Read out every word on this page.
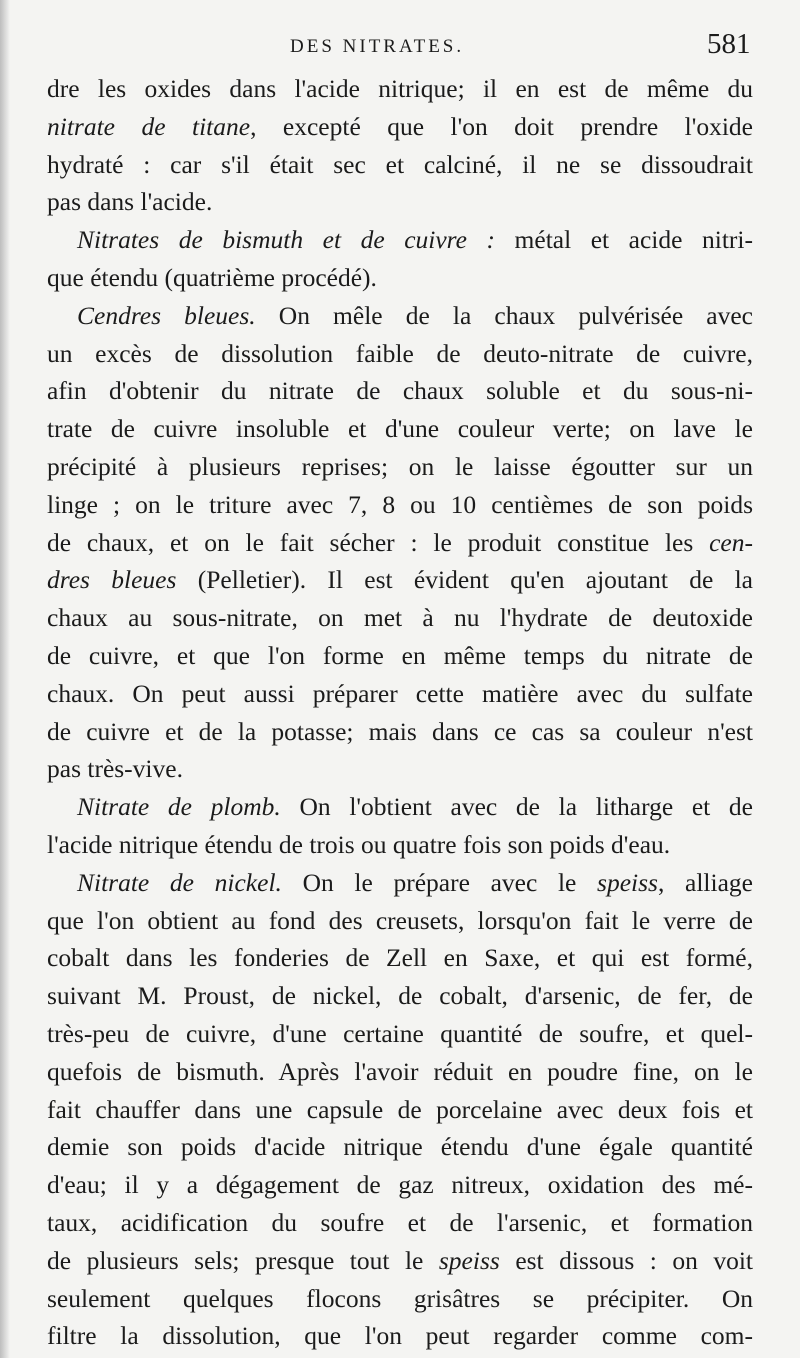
DES NITRATES.	581
dre les oxides dans l'acide nitrique; il en est de même du
nitrate de titane, excepté que l'on doit prendre l'oxide
hydraté : car s'il était sec et calciné, il ne se dissoudrait
pas dans l'acide.
Nitrates de bismuth et de cuivre : métal et acide nitri-
que étendu (quatrième procédé).
Cendres bleues. On mêle de la chaux pulvérisée avec
un excès de dissolution faible de deuto-nitrate de cuivre,
afin d'obtenir du nitrate de chaux soluble et du sous-ni-
trate de cuivre insoluble et d'une couleur verte; on lave le
précipité à plusieurs reprises; on le laisse égoutter sur un
linge ; on le triture avec 7, 8 ou 10 centièmes de son poids
de chaux, et on le fait sécher : le produit constitue les cen-
dres bleues (Pelletier). Il est évident qu'en ajoutant de la
chaux au sous-nitrate, on met à nu l'hydrate de deutoxide
de cuivre, et que l'on forme en même temps du nitrate de
chaux. On peut aussi préparer cette matière avec du sulfate
de cuivre et de la potasse; mais dans ce cas sa couleur n'est
pas très-vive.
Nitrate de plomb. On l'obtient avec de la litharge et de
l'acide nitrique étendu de trois ou quatre fois son poids d'eau.
Nitrate de nickel. On le prépare avec le speiss, alliage
que l'on obtient au fond des creusets, lorsqu'on fait le verre de
cobalt dans les fonderies de Zell en Saxe, et qui est formé,
suivant M. Proust, de nickel, de cobalt, d'arsenic, de fer, de
très-peu de cuivre, d'une certaine quantité de soufre, et quel-
quefois de bismuth. Après l'avoir réduit en poudre fine, on le
fait chauffer dans une capsule de porcelaine avec deux fois et
demie son poids d'acide nitrique étendu d'une égale quantité
d'eau; il y a dégagement de gaz nitreux, oxidation des mé-
taux, acidification du soufre et de l'arsenic, et formation
de plusieurs sels; presque tout le speiss est dissous : on voit
seulement quelques flocons grisâtres se précipiter. On
filtre la dissolution, que l'on peut regarder comme com-
